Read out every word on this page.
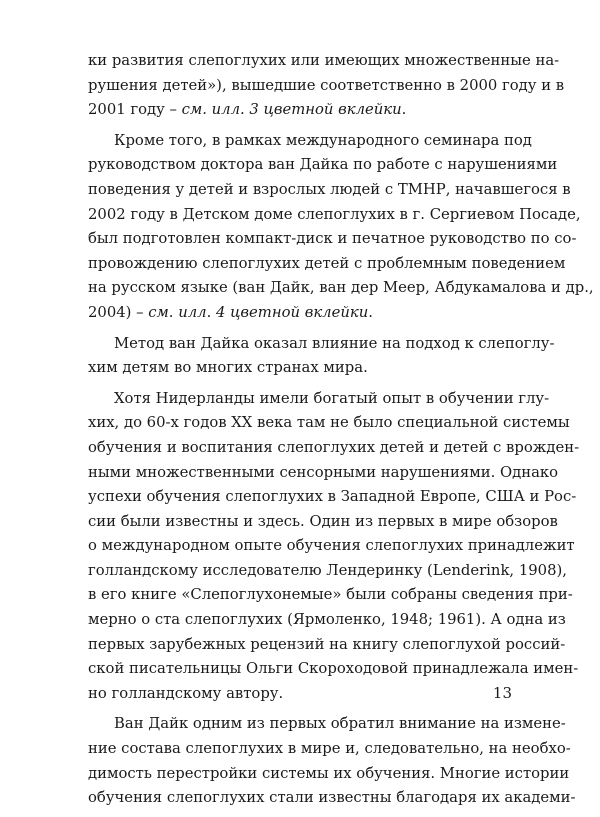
ки развития слепоглухих или имеющих множественные на-
рушения детей»), вышедшие соответственно в 2000 году и в
2001 году – см. илл. 3 цветной вклейки.
Кроме того, в рамках международного семинара под
руководством доктора ван Дайка по работе с нарушениями
поведения у детей и взрослых людей с ТМНР, начавшегося в
2002 году в Детском доме слепоглухих в г. Сергиевом Посаде,
был подготовлен компакт-диск и печатное руководство по со-
провождению слепоглухих детей с проблемным поведением
на русском языке (ван Дайк, ван дер Меер, Абдукамалова и др.,
2004) – см. илл. 4 цветной вклейки.
Метод ван Дайка оказал влияние на подход к слепоглу-
хим детям во многих странах мира.
Хотя Нидерланды имели богатый опыт в обучении глу-
хих, до 60-х годов XX века там не было специальной системы
обучения и воспитания слепоглухих детей и детей с врожден-
ными множественными сенсорными нарушениями. Однако
успехи обучения слепоглухих в Западной Европе, США и Рос-
сии были известны и здесь. Один из первых в мире обзоров
о международном опыте обучения слепоглухих принадлежит
голландскому исследователю Лендеринку (Lenderink, 1908),
в его книге «Слепоглухонемые» были собраны сведения при-
мерно о ста слепоглухих (Ярмоленко, 1948; 1961). А одна из
первых зарубежных рецензий на книгу слепоглухой россий-
ской писательницы Ольги Скороходовой принадлежала имен-
но голландскому автору.
Ван Дайк одним из первых обратил внимание на измене-
ние состава слепоглухих в мире и, следовательно, на необхо-
димость перестройки системы их обучения. Многие истории
обучения слепоглухих стали известны благодаря их академи-
13
